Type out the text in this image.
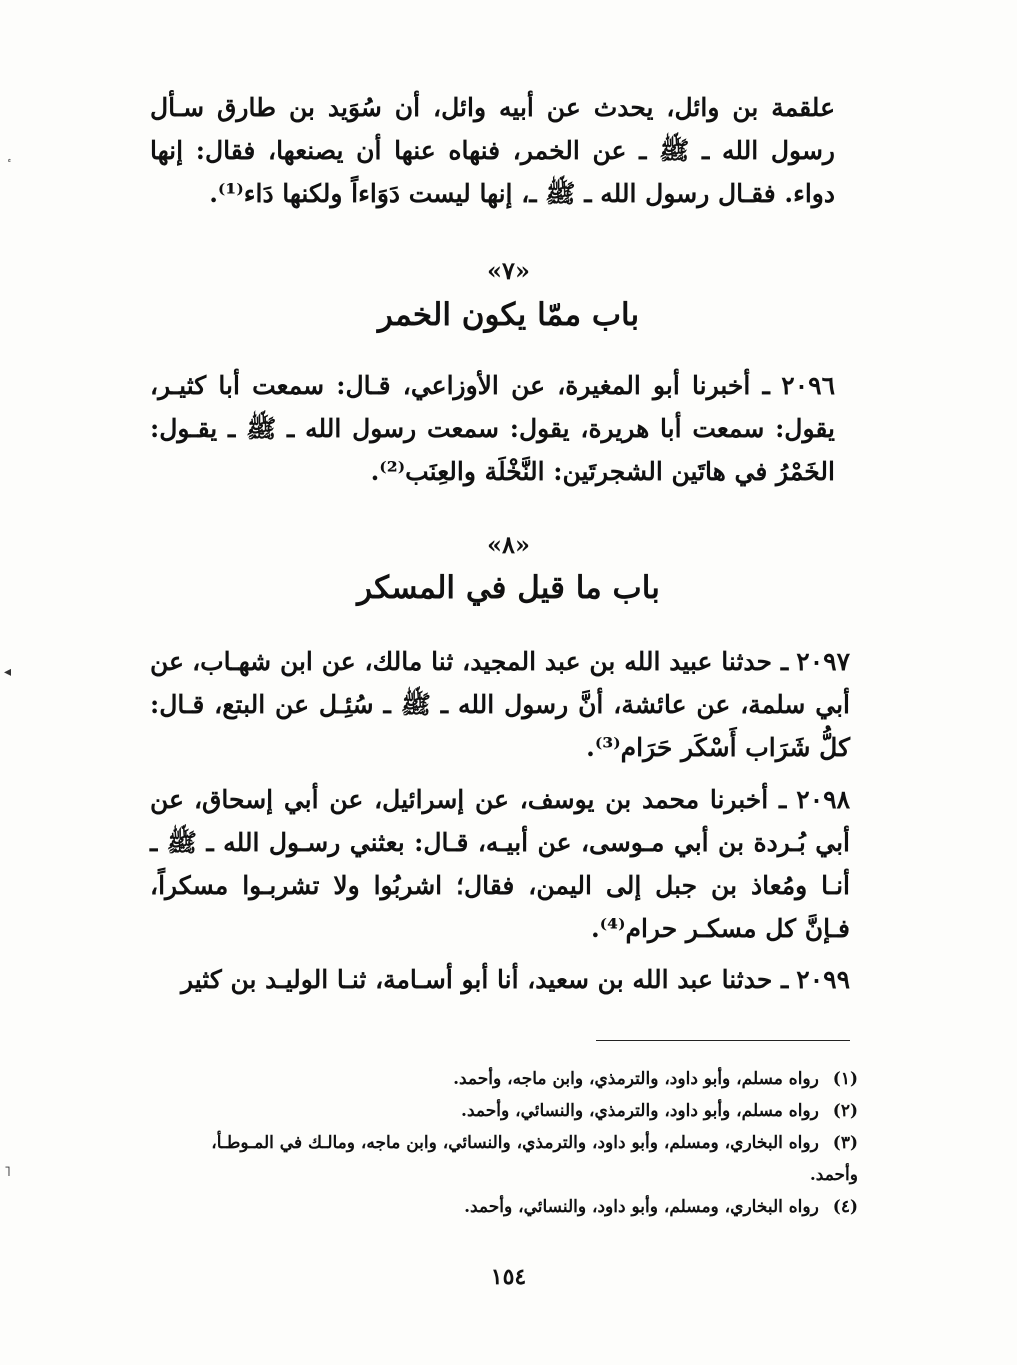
علقمة بن وائل، يحدث عن أبيه وائل، أن سُوَيد بن طارق سـأل رسول الله ـ ﷺ ـ عن الخمر، فنهاه عنها أن يصنعها، فقال: إنها دواء. فقـال رسول الله ـ ﷺ ـ، إنها ليست دَوَاءاً ولكنها دَاء⁽¹⁾.
«٧»
باب ممّا يكون الخمر
٢٠٩٦ ـ أخبرنا أبو المغيرة، عن الأوزاعي، قـال: سمعت أبا كثيـر، يقول: سمعت أبا هريرة، يقول: سمعت رسول الله ـ ﷺ ـ يقـول: الخَمْرُ في هاتَين الشجرتَين: النَّخْلَة والعِنَب⁽²⁾.
«٨»
باب ما قيل في المسكر
٢٠٩٧ ـ حدثنا عبيد الله بن عبد المجيد، ثنا مالك، عن ابن شهـاب، عن أبي سلمة، عن عائشة، أنَّ رسول الله ـ ﷺ ـ سُئِـل عن البتع، قـال: كلُّ شَرَاب أَسْكَر حَرَام⁽³⁾.
٢٠٩٨ ـ أخبرنا محمد بن يوسف، عن إسرائيل، عن أبي إسحاق، عن أبي بُـردة بن أبي مـوسى، عن أبيـه، قـال: بعثني رسـول الله ـ ﷺ ـ أنـا ومُعاذ بن جبل إلى اليمن، فقال؛ اشربُوا ولا تشربـوا مسكراً، فـإنَّ كل مسكـر حرام⁽⁴⁾.
٢٠٩٩ ـ حدثنا عبد الله بن سعيد، أنا أبو أسـامة، ثنـا الوليـد بن كثير
(١) رواه مسلم، وأبو داود، والترمذي، وابن ماجه، وأحمد.
(٢) رواه مسلم، وأبو داود، والترمذي، والنسائي، وأحمد.
(٣) رواه البخاري، ومسلم، وأبو داود، والترمذي، والنسائي، وابن ماجه، ومالـك في المـوطـأ، وأحمد.
(٤) رواه البخاري، ومسلم، وأبو داود، والنسائي، وأحمد.
١٥٤
◂
˥
